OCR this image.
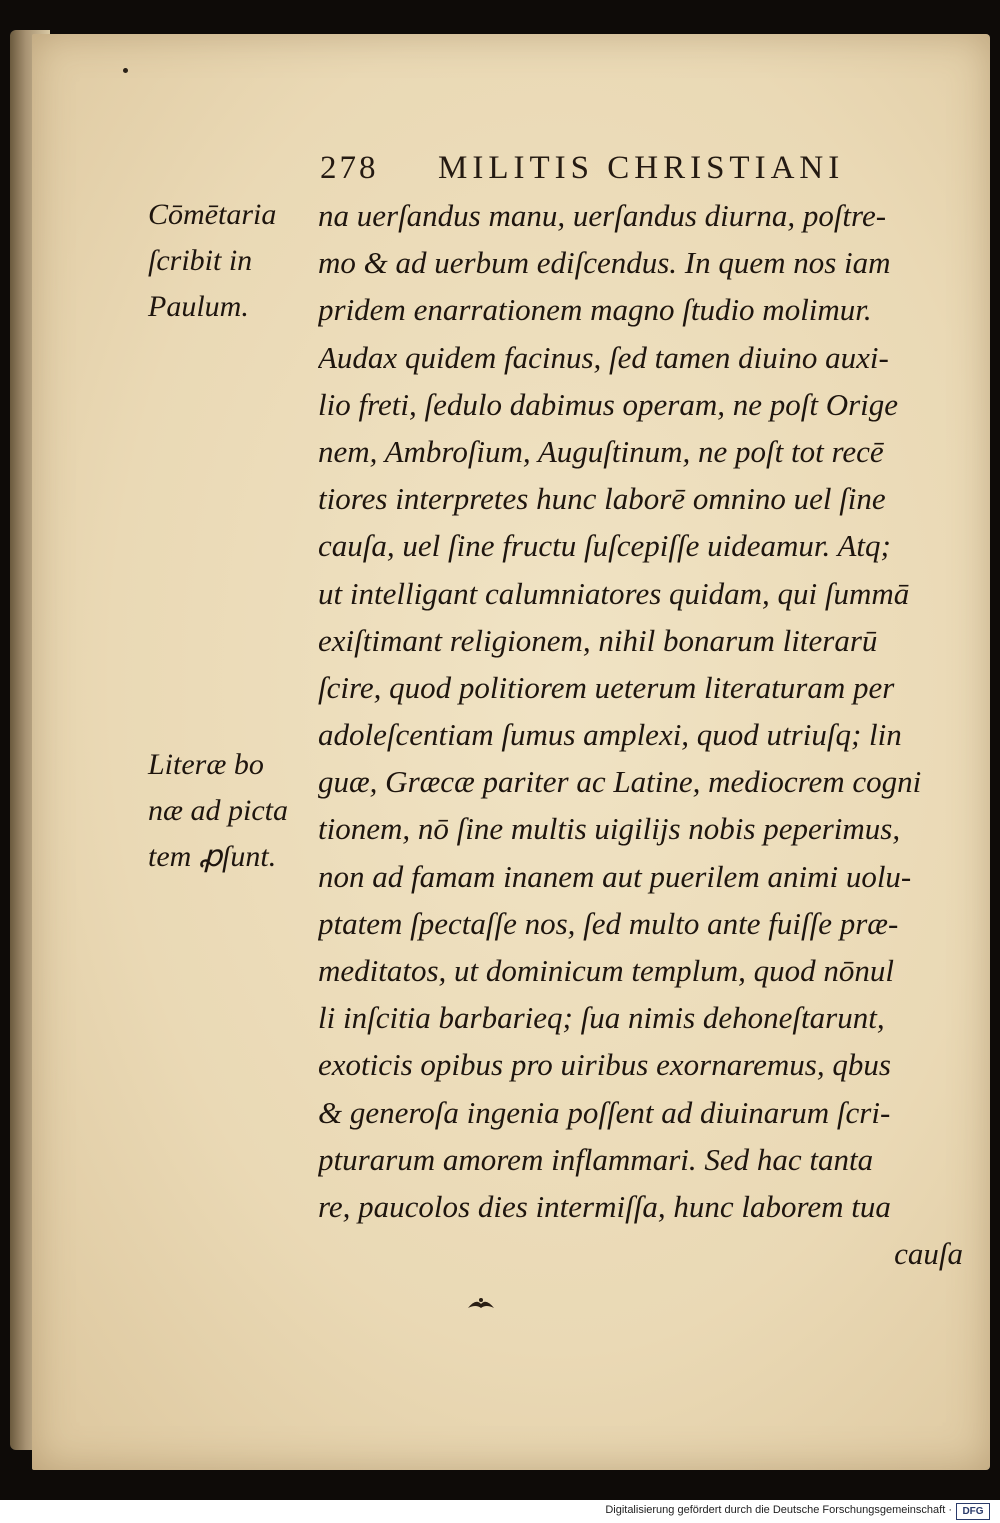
278 MILITIS CHRISTIANI
Cōmētaria
ſcribit in
Paulum.
Literæ bo
næ ad picta
tem ꝓſunt.
na uerſandus manu, uerſandus diurna, poſtre-
mo & ad uerbum ediſcendus. In quem nos iam
pridem enarrationem magno ſtudio molimur.
Audax quidem facinus, ſed tamen diuino auxi-
lio freti, ſedulo dabimus operam, ne poſt Orige
nem, Ambroſium, Auguſtinum, ne poſt tot recē
tiores interpretes hunc laborē omnino uel ſine
cauſa, uel ſine fructu ſuſcepiſſe uideamur. Atq;
ut intelligant calumniatores quidam, qui ſummā
exiſtimant religionem, nihil bonarum literarū
ſcire, quod politiorem ueterum literaturam per
adoleſcentiam ſumus amplexi, quod utriuſq; lin
guæ, Græcæ pariter ac Latine, mediocrem cogni
tionem, nō ſine multis uigilijs nobis peperimus,
non ad famam inanem aut puerilem animi uolu-
ptatem ſpectaſſe nos, ſed multo ante fuiſſe præ-
meditatos, ut dominicum templum, quod nōnul
li inſcitia barbarieq; ſua nimis dehoneſtarunt,
exoticis opibus pro uiribus exornaremus, qbus
& generoſa ingenia poſſent ad diuinarum ſcri-
pturarum amorem inflammari. Sed hac tanta
re, paucolos dies intermiſſa, hunc laborem tua
cauſa
Digitalisierung gefördert durch die Deutsche Forschungsgemeinschaft ·	DFG
